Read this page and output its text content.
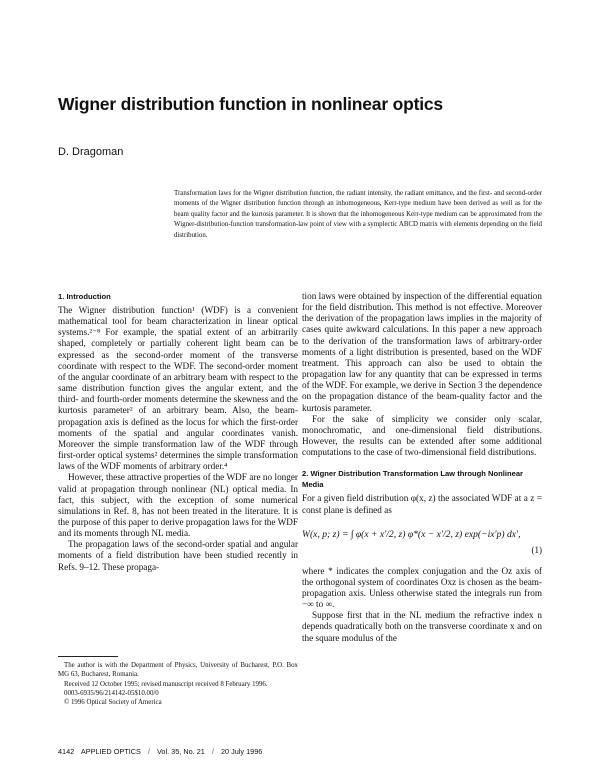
Wigner distribution function in nonlinear optics
D. Dragoman

Transformation laws for the Wigner distribution function, the radiant intensity, the radiant emittance, and the first- and second-order moments of the Wigner distribution function through an inhomogeneous, Kerr-type medium have been derived as well as for the beam quality factor and the kurtosis parameter. It is shown that the inhomogeneous Kerr-type medium can be approximated from the Wigner-distribution-function transformation-law point of view with a symplectic ABCD matrix with elements depending on the field distribution.

1. Introduction

The Wigner distribution function¹ (WDF) is a convenient mathematical tool for beam characterization in linear optical systems.²⁻⁸ For example, the spatial extent of an arbitrarily shaped, completely or partially coherent light beam can be expressed as the second-order moment of the transverse coordinate with respect to the WDF. The second-order moment of the angular coordinate of an arbitrary beam with respect to the same distribution function gives the angular extent, and the third- and fourth-order moments determine the skewness and the kurtosis parameter² of an arbitrary beam. Also, the beam-propagation axis is defined as the locus for which the first-order moments of the spatial and angular coordinates vanish. Moreover the simple transformation law of the WDF through first-order optical systems² determines the simple transformation laws of the WDF moments of arbitrary order.⁴

However, these attractive properties of the WDF are no longer valid at propagation through nonlinear (NL) optical media. In fact, this subject, with the exception of some numerical simulations in Ref. 8, has not been treated in the literature. It is the purpose of this paper to derive propagation laws for the WDF and its moments through NL media.

The propagation laws of the second-order spatial and angular moments of a field distribution have been studied recently in Refs. 9–12. These propaga-

tion laws were obtained by inspection of the differential equation for the field distribution. This method is not effective. Moreover the derivation of the propagation laws implies in the majority of cases quite awkward calculations. In this paper a new approach to the derivation of the transformation laws of arbitrary-order moments of a light distribution is presented, based on the WDF treatment. This approach can also be used to obtain the propagation law for any quantity that can be expressed in terms of the WDF. For example, we derive in Section 3 the dependence on the propagation distance of the beam-quality factor and the kurtosis parameter.

For the sake of simplicity we consider only scalar, monochromatic, and one-dimensional field distributions. However, the results can be extended after some additional computations to the case of two-dimensional field distributions.

2. Wigner Distribution Transformation Law through Nonlinear Media

For a given field distribution φ(x, z) the associated WDF at a z = const plane is defined as

W(x, p; z) = ∫ φ(x + x′/2, z) φ*(x − x′/2, z) exp(−ix′p) dx′,
(1)

where * indicates the complex conjugation and the Oz axis of the orthogonal system of coordinates Oxz is chosen as the beam-propagation axis. Unless otherwise stated the integrals run from −∞ to ∞.

Suppose first that in the NL medium the refractive index n depends quadratically both on the transverse coordinate x and on the square modulus of the

The author is with the Department of Physics, University of Bucharest, P.O. Box MG 63, Bucharest, Romania.

Received 12 October 1995; revised manuscript received 8 February 1996.

0003-6935/96/214142-05$10.00/0

© 1996 Optical Society of America

4142 APPLIED OPTICS / Vol. 35, No. 21 / 20 July 1996
